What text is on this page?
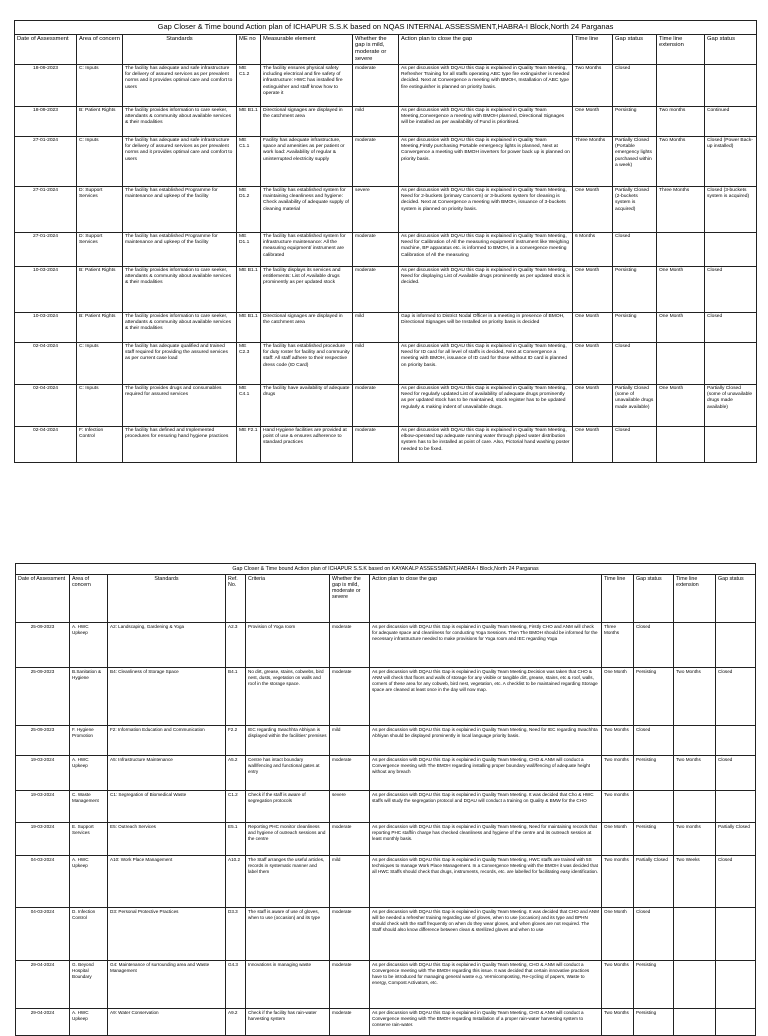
Gap Closer & Time bound Action plan of ICHAPUR S.S.K based on NQAS INTERNAL ASSESSMENT,HABRA-I Block,North 24 Parganas										
Date of Assessment	Area of concern	Standards	ME no	Measurable element	Whether the gap is mild, moderate or severe	Action plan to close the gap	Time line	Gap status	Time line extension	Gap status
18-09-2023	C: Inputs	The facility has adequate and safe infrastructure for delivery of assured services as per prevalent norms and it provides optimal care and comfort to users	ME C1.2	The facility ensures physical safety including electrical and fire safety of infrastructure: HWC has installed fire extinguisher and staff know how to operate it	moderate	As per discussion with DQAU this Gap is explained in Quality Team Meeting, Refresher Training for all staffs operating ABC type fire extinguisher is needed decided. Next at Convergence a meeting with BMOH, Installation of ABC type fire extinguisher is planned on priority basis.	Two Months	Closed		
18-09-2023	B: Patient Rights	The facility provides information to care seeker, attendants & community about available services & their modalities	ME B1.1	Directional signages are displayed in the catchment area	mild	As per discussion with DQAU this Gap is explained in Quality Team Meeting,Convergence a meeting with BMOH planned, Directional Signages will be installed as per availability of Fund is prioritised.	One Month	Persisting	Two months	Continued
27-01-2024	C: Inputs	The facility has adequate and safe infrastructure for delivery of assured services as per prevalent norms and it provides optimal care and comfort to users	ME C1.1	Facility has adequate infrastructure, space and amenities as per patient or work load: Availability of regular & uninterrupted electricity supply	moderate	As per discussion with DQAU this Gap is explained in Quality Team Meeting,Firstly purchasing Portable emergency lights is planned, Next at Convergence a meeting with BMOH inverters for power back up is planned on priority basis.	Three Months	Partially Closed (Portable emergency lights purchased within a week)	Two Months	Closed (Power Back-up installed)
27-01-2024	D: Support Services	The facility has established Programme for maintenance and upkeep of the facility	ME D1.2	The facility has established system for maintaining cleanliness and hygiene: Check availability of adequate supply of cleaning material	severe	As per discussion with DQAU this Gap is explained in Quality Team Meeting, Need for 2-buckets (primary Concern) or 3-buckets system for cleaning is decided. Next at Convergence a meeting with BMOH, issuance of 3-buckets system is planned on priority basis.	One Month	Partially Closed (2-buckets system is acquired)	Three Months	Closed (3-buckets system is acquired)
27-01-2024	D: Support Services	The facility has established Programme for maintenance and upkeep of the facility	ME D1.1	The facility has established system for infrastructure maintenance: All the measuring equipment/ instrument are calibrated	moderate	As per discussion with DQAU this Gap is explained in Quality Team Meeting, Need for Calibration of All the measuring equipment/ instrument like Weighing machine, BP apparatus etc. is informed to BMOH, in a convergence meeting Calibration of All the measuring	6 Months	Closed		
10-03-2024	B: Patient Rights	The facility provides information to care seeker, attendants & community about available services & their modalities	ME B1.1	The facility displays its services and entitlements: List of Available drugs prominently as per updated stock	moderate	As per discussion with DQAU this Gap is explained in Quality Team Meeting, Need for displaying List of Available drugs prominently as per updated stock is decided.	One Month	Persisting	One Month	Closed
10-03-2024	B: Patient Rights	The facility provides information to care seeker, attendants & community about available services & their modalities	ME B1.1	Directional signages are displayed in the catchment area	mild	Gap is informed to District Nodal Officer in a meeting in presence of BMOH, Directional Signages will be Installed on priority basis is decided	One Month	Persisting	One Month	Closed
02-04-2024	C: Inputs	The facility has adequate qualified and trained staff required for providing the assured services as per current case load	ME C2.3	The facility has established procedure for duty roster for facility and community staff: All staff adhere to their respective dress code (ID Card)	mild	As per discussion with DQAU this Gap is explained in Quality Team Meeting, Need for ID card for all level of staffs is decided, Next at Convergence a meeting with BMOH, issuance of ID card for those without ID card is planned on priority basis.	One Month	Closed		
02-04-2024	C: Inputs	The facility provides drugs and consumables required for assured services	ME C4.1	The facility have availability of adequate drugs	moderate	As per discussion with DQAU this Gap is explained in Quality Team Meeting, Need for regularly updated List of availability of adequate drugs prominently as per updated stock has to be maintained, stock register has to be updated regularly & making indent of unavailable drugs.	One Month	Partially Closed (some of unavailable drugs made available)	One Month	Partially Closed (some of unavailable drugs made available)
02-04-2024	F: Infection Control	The facility has defined and Implemented procedures for ensuring hand hygiene practices	ME F2.1	Hand Hygiene facilities are provided at point of use & ensures adherence to standard practices	moderate	As per discussion with DQAU this Gap is explained in Quality Team Meeting, elbow-operated tap adequate running water through piped water distribution system has to be installed at point of care. Also, Pictorial hand washing poster needed to be fixed.	One Month	Closed		
Gap Closer & Time bound Action plan of ICHAPUR S.S.K based on KAYAKALP ASSESSMENT,HABRA-I Block,North 24 Parganas										
Date of Assessment	Area of concern	Standards	Ref. No.	Criteria	Whether the gap is mild, moderate or severe	Action plan to close the gap	Time line	Gap status	Time line extension	Gap status
25-09-2023	A. HWC Upkeep	A2: Landscaping, Gardening & Yoga	A2.3	Provision of Yoga room	moderate	As per discussion with DQAU this Gap is explained in Quality Team Meeting, Firstly CHO and ANM will check for adequate space and cleanliness for conducting Yoga Sessions. Then The BMOH should be informed for the necessary infrastructure needed to make provisions for Yoga room and IEC regarding Yoga	Three Months	Closed		
25-09-2023	B.Sanitation & Hygiene	B4: Cleanliness of Storage Space	B4.1	No dirt, grease, stains, cobwebs, bird nest, dusts, vegetation on walls and roof in the storage space.	moderate	As per discussion with DQAU this Gap is explained in Quality Team Meeting.Decision was taken that CHO & ANM will check that floors and walls of storage for any visible or tangible dirt, grease, stains, etc & roof, walls, corners of these area for any cobweb, bird nest, vegetation, etc. A checklist to be maintained regarding Storage space are cleaned at least once in the day will now map.	One Month	Persisting	Two Months	Closed
25-09-2023	F. Hygiene Promotion	F2: Information Education and Communication	F2.2	IEC regarding Swachhta Abhiyan is displayed within the facilities' premises	mild	As per discussion with DQAU this Gap is explained in Quality Team Meeting, Need for IEC regarding Swachhta Abhiyan should be displayed prominently in local language priority basis.	Two Months	Closed		
19-03-2024	A. HWC Upkeep	A5: Infrastructure Maintenance	A5.2	Centre has intact boundary wall/fencing and functional gates at entry	moderate	As per discussion with DQAU this Gap is explained in Quality Team Meeting, CHO & ANM will conduct a Convergence meeting with The BMOH regarding installing proper boundary wall/fencing of adequate height without any breach	Two months	Persisting	Two Months	Closed
19-03-2024	C. Waste Management	C1: Segregation of Biomedical Waste	C1.2	Check if the staff is aware of segregation protocols	severe	As per discussion with DQAU this Gap is explained in Quality Team Meeting. It was decided that Cho & HWC staffs will study the segregation protocol and DQAU will conduct a training on Quality & BMW for the CHO	Two months			
19-03-2024	E. Support Services	E5: Outreach Services	E5.1	Reporting PHC monitor cleanliness and hygiene of outreach sessions and the centre	moderate	As per discussion with DQAU this Gap is explained in Quality Team Meeting, Need for maintaining records that reporting PHC staff/in charge has checked cleanliness and hygiene of the centre and its outreach session at least monthly basis.	One Month	Persisting	Two months	Partially Closed
04-03-2024	A. HWC Upkeep	A10: Work Place Management	A10.2	The Staff arranges the useful articles, records in systematic manner and label them	mild	As per discussion with DQAU this Gap is explained in Quality Team Meeting, HWC staffs are trained with 5S techniques to manage Work Place Management. In a Convergence Meeting with the BMOH it was decided that all HWC Staffs should check that drugs, instruments, records, etc. are labelled for facilitating easy identification.	Two months	Partially Closed	Two Weeks	Closed
04-03-2024	D. Infection Control	D3: Personal Protective Practices	D3.3	The staff is aware of use of gloves, when to use (occasion) and its type	moderate	As per discussion with DQAU this Gap is explained in Quality Team Meeting. It was decided that CHO and ANM will be needed a refresher training regarding use of gloves, when to use (occasion) and its type and BPHN should check with the staff frequently on when do they wear gloves, and when gloves are not required. The Staff should also know difference between clean & sterilized gloves and when to use	One Month	Closed		
29-04-2024	G. Beyond Hospital Boundary	G4: Maintenance of surrounding area and Waste Management	G4.3	Innovations in managing waste	moderate	As per discussion with DQAU this Gap is explained in Quality Team Meeting, CHO & ANM will conduct a Convergence meeting with The BMOH regarding this issue. It was decided that certain innovative practices have to be introduced for managing general waste e.g. Vermicomposting, Re-cycling of papers, Waste to energy, Compost Activators, etc.	Two Months	Persisting		
29-04-2024	A. HWC Upkeep	A9: Water Conservation	A9.2	Check if the facility has rain-water harvesting system	moderate	As per discussion with DQAU this Gap is explained in Quality Team Meeting, CHO & ANM will conduct a Convergence meeting with The BMOH regarding Installation of a proper rain-water harvesting system to conserve rain-water.	Two Months	Persisting		
